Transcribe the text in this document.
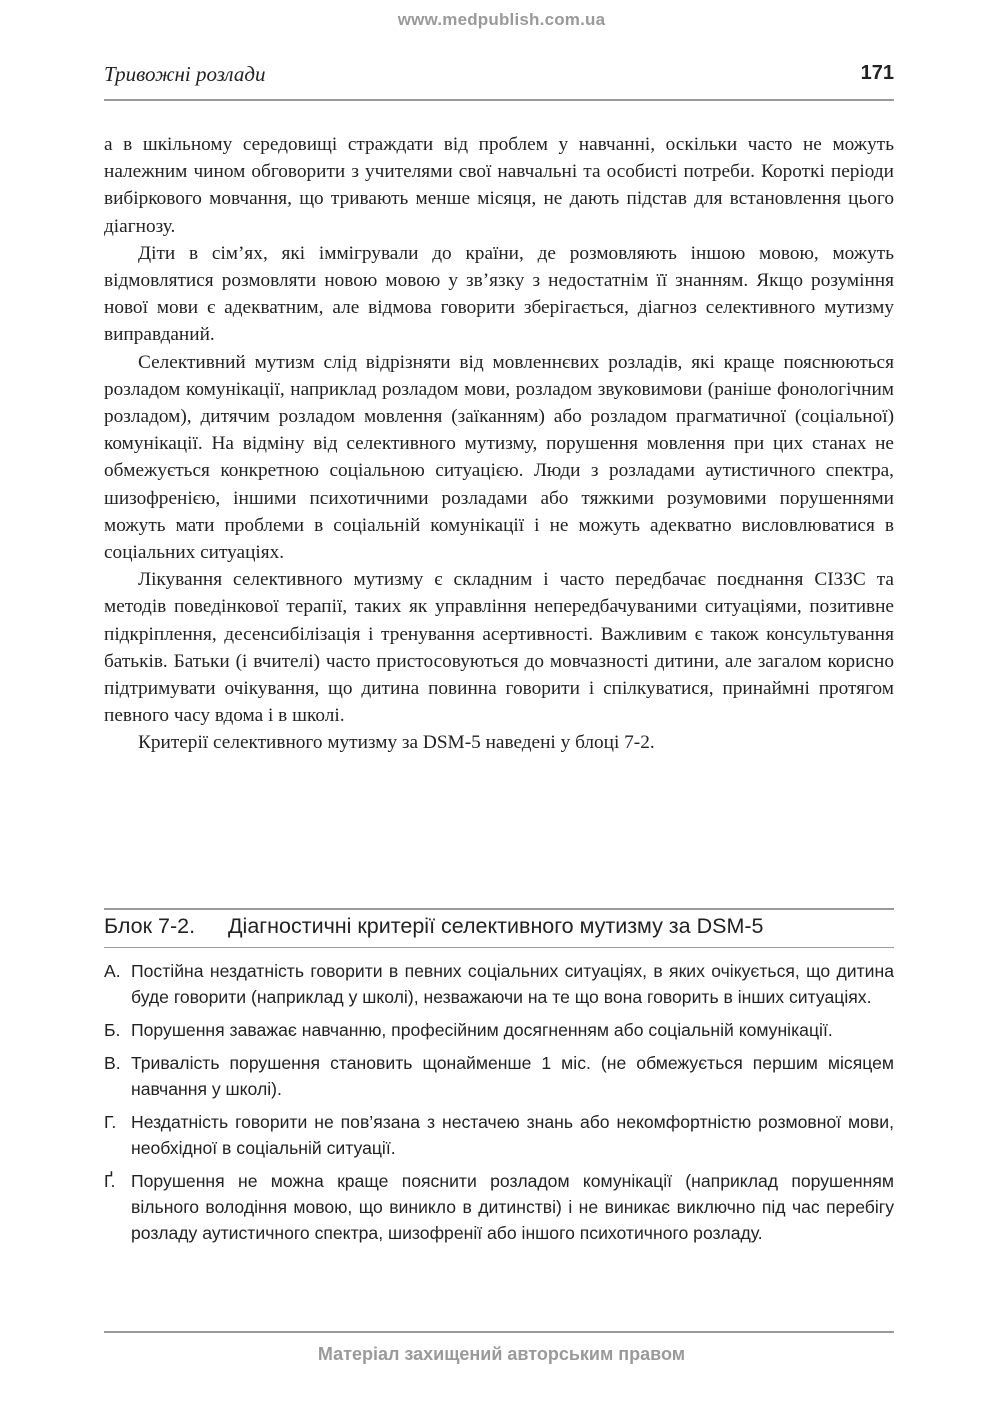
www.medpublish.com.ua
Тривожні розлади	171

а в шкільному середовищі страждати від проблем у навчанні, оскільки часто не можуть належним чином обговорити з учителями свої навчальні та особисті потреби. Короткі періоди вибіркового мовчання, що тривають менше місяця, не дають підстав для встановлення цього діагнозу.

Діти в сім’ях, які іммігрували до країни, де розмовляють іншою мовою, можуть відмовлятися розмовляти новою мовою у зв’язку з недостатнім її знанням. Якщо розуміння нової мови є адекватним, але відмова говорити зберігається, діагноз селективного мутизму виправданий.

Селективний мутизм слід відрізняти від мовленнєвих розладів, які краще пояснюються розладом комунікації, наприклад розладом мови, розладом звуковимови (раніше фонологічним розладом), дитячим розладом мовлення (заїканням) або розладом прагматичної (соціальної) комунікації. На відміну від селективного мутизму, порушення мовлення при цих станах не обмежується конкретною соціальною ситуацією. Люди з розладами аутистичного спектра, шизофренією, іншими психотичними розладами або тяжкими розумовими порушеннями можуть мати проблеми в соціальній комунікації і не можуть адекватно висловлюватися в соціальних ситуаціях.

Лікування селективного мутизму є складним і часто передбачає поєднання СІЗЗС та методів поведінкової терапії, таких як управління непередбачуваними ситуаціями, позитивне підкріплення, десенсибілізація і тренування асертивності. Важливим є також консультування батьків. Батьки (і вчителі) часто пристосовуються до мовчазності дитини, але загалом корисно підтримувати очікування, що дитина повинна говорити і спілкуватися, принаймні протягом певного часу вдома і в школі.

Критерії селективного мутизму за DSM-5 наведені у блоці 7-2.

Блок 7-2. Діагностичні критерії селективного мутизму за DSM-5
А. Постійна нездатність говорити в певних соціальних ситуаціях, в яких очікується, що дитина буде говорити (наприклад у школі), незважаючи на те що вона говорить в інших ситуаціях.
Б. Порушення заважає навчанню, професійним досягненням або соціальній комунікації.
В. Тривалість порушення становить щонайменше 1 міс. (не обмежується першим місяцем навчання у школі).
Г. Нездатність говорити не пов’язана з нестачею знань або некомфортністю розмовної мови, необхідної в соціальній ситуації.
Ґ. Порушення не можна краще пояснити розладом комунікації (наприклад порушенням вільного володіння мовою, що виникло в дитинстві) і не виникає виключно під час перебігу розладу аутистичного спектра, шизофренії або іншого психотичного розладу.
Матеріал захищений авторським правом
